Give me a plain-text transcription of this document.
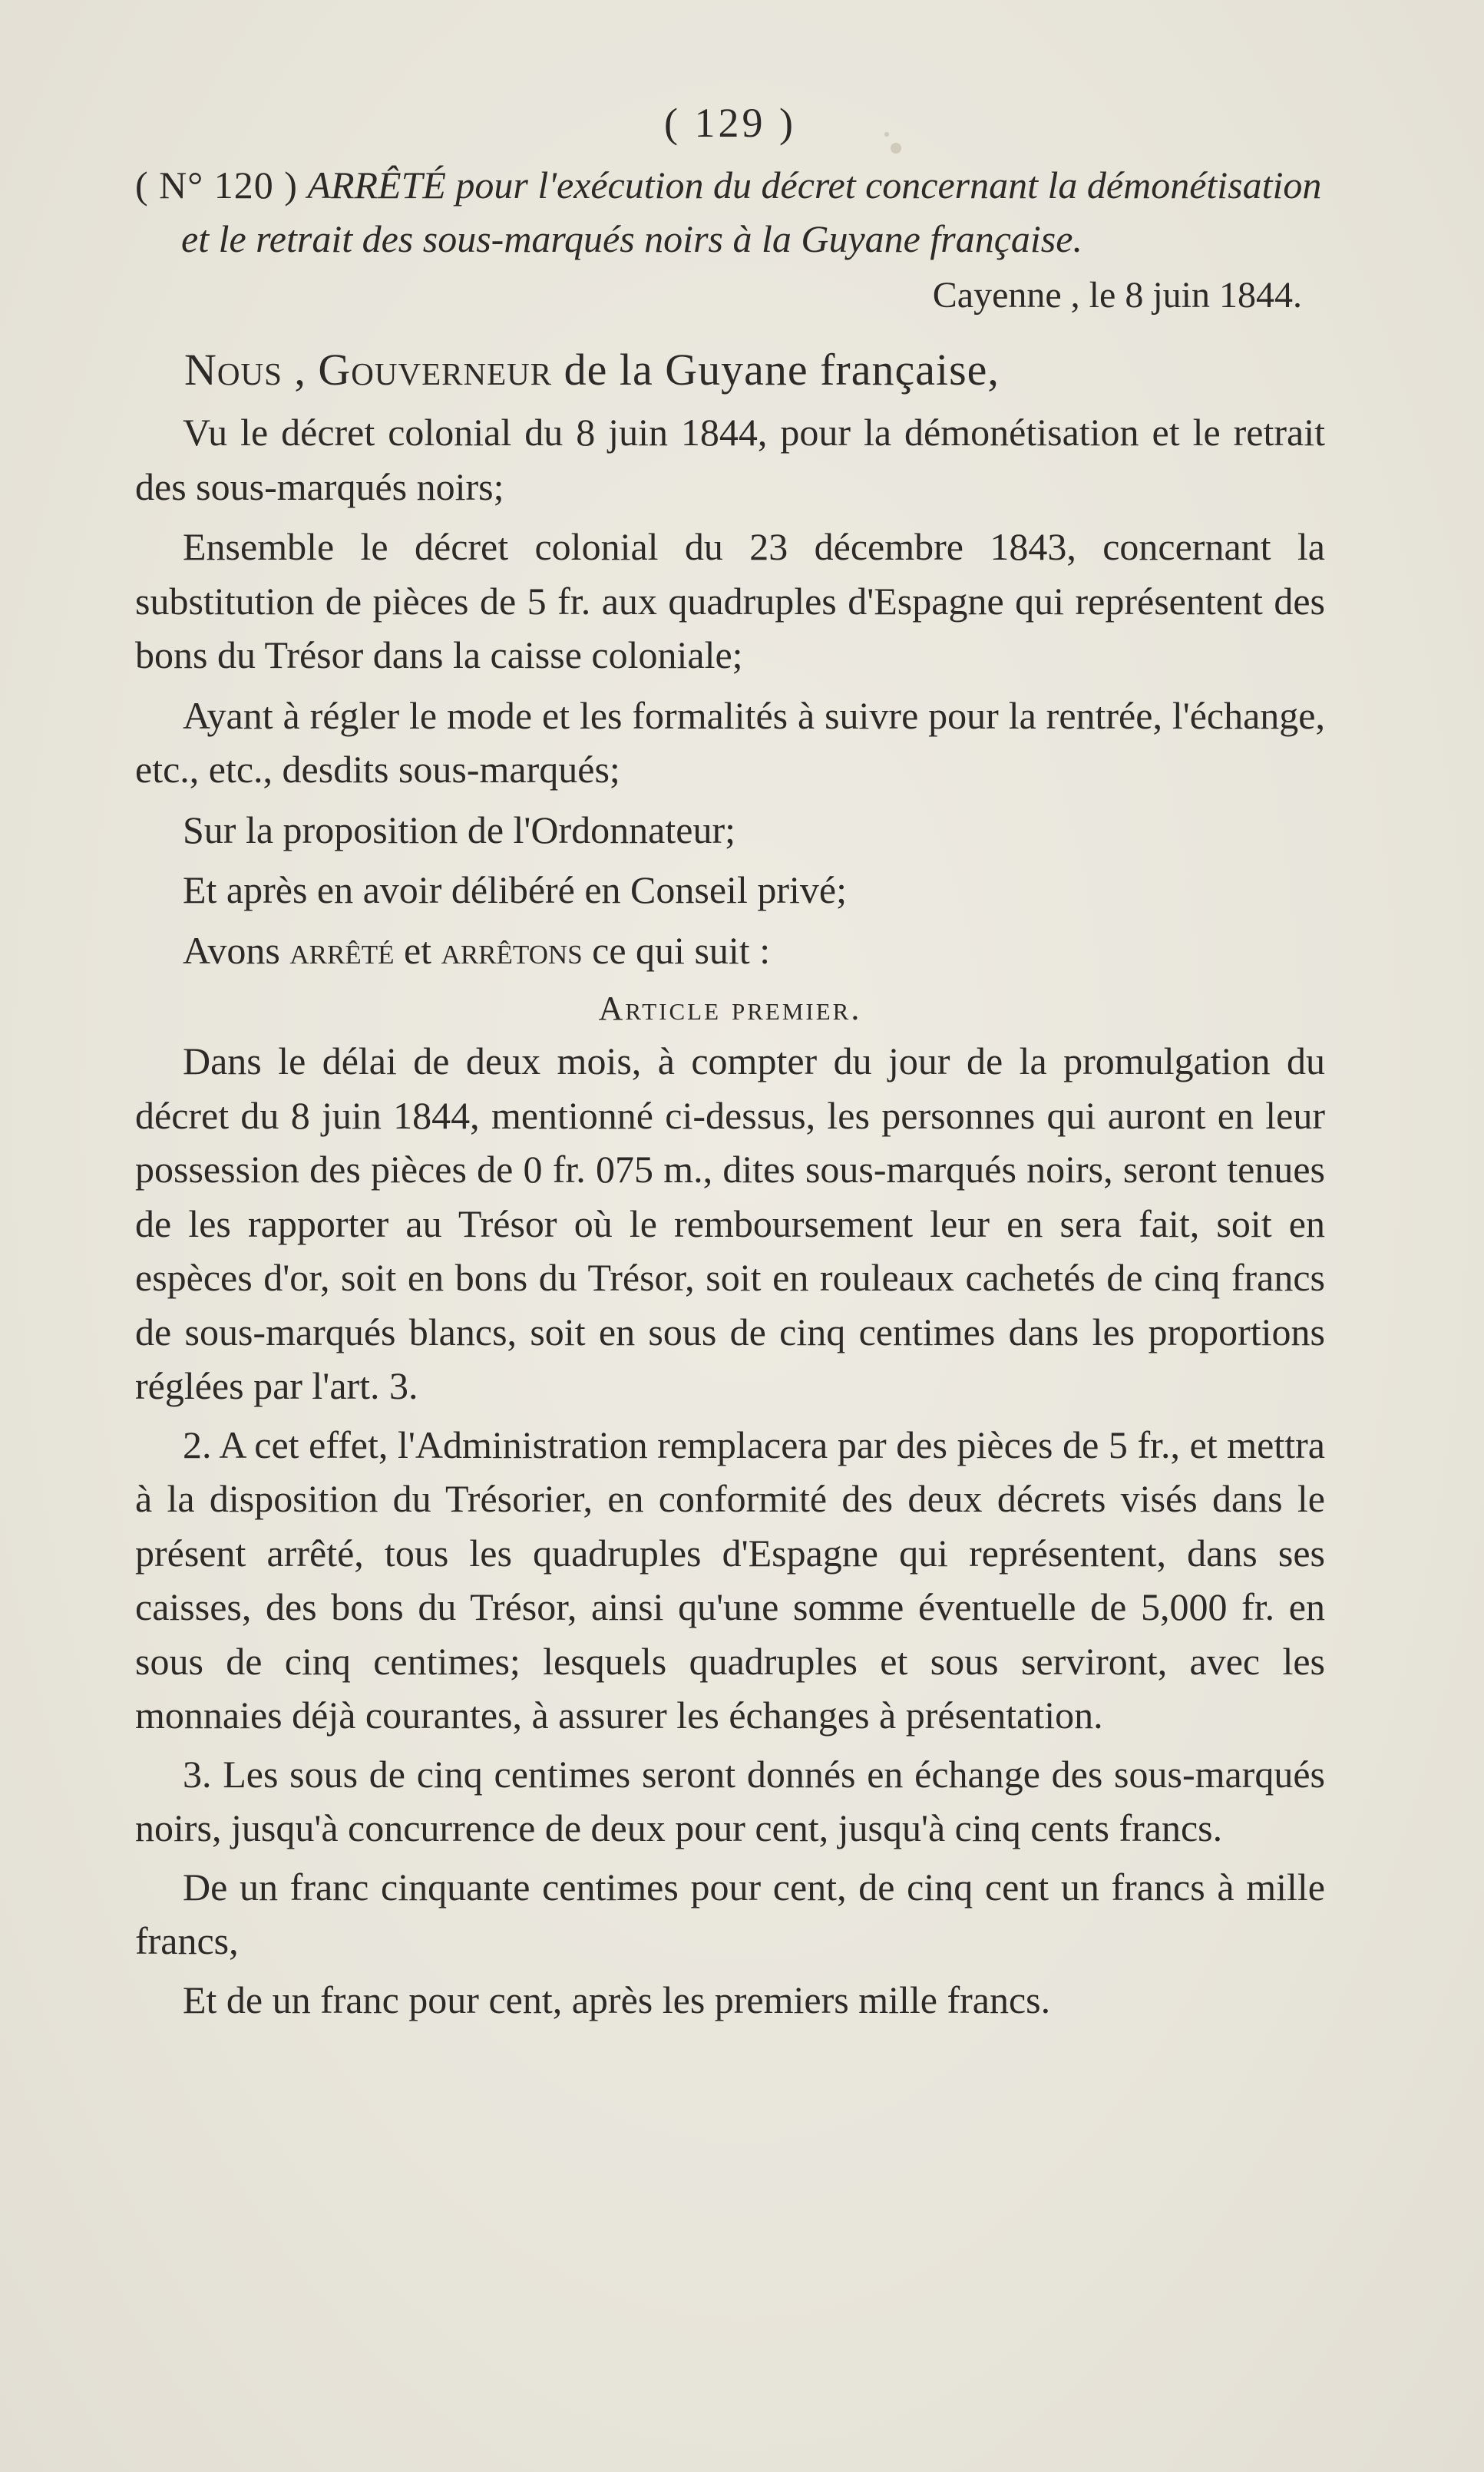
( 129 )
( N° 120 ) ARRÊTÉ pour l'exécution du décret concernant la démonétisation et le retrait des sous-marqués noirs à la Guyane française.
Cayenne , le 8 juin 1844.
Nous , Gouverneur de la Guyane française,

Vu le décret colonial du 8 juin 1844, pour la démonétisation et le retrait des sous-marqués noirs;

Ensemble le décret colonial du 23 décembre 1843, concernant la substitution de pièces de 5 fr. aux quadruples d'Espagne qui représentent des bons du Trésor dans la caisse coloniale;

Ayant à régler le mode et les formalités à suivre pour la rentrée, l'échange, etc., etc., desdits sous-marqués;

Sur la proposition de l'Ordonnateur;

Et après en avoir délibéré en Conseil privé;

Avons arrêté et arrêtons ce qui suit :

Article premier.

Dans le délai de deux mois, à compter du jour de la promulgation du décret du 8 juin 1844, mentionné ci-dessus, les personnes qui auront en leur possession des pièces de 0 fr. 075 m., dites sous-marqués noirs, seront tenues de les rapporter au Trésor où le remboursement leur en sera fait, soit en espèces d'or, soit en bons du Trésor, soit en rouleaux cachetés de cinq francs de sous-marqués blancs, soit en sous de cinq centimes dans les proportions réglées par l'art. 3.

2. A cet effet, l'Administration remplacera par des pièces de 5 fr., et mettra à la disposition du Trésorier, en conformité des deux décrets visés dans le présent arrêté, tous les quadruples d'Espagne qui représentent, dans ses caisses, des bons du Trésor, ainsi qu'une somme éventuelle de 5,000 fr. en sous de cinq centimes; lesquels quadruples et sous serviront, avec les monnaies déjà courantes, à assurer les échanges à présentation.

3. Les sous de cinq centimes seront donnés en échange des sous-marqués noirs, jusqu'à concurrence de deux pour cent, jusqu'à cinq cents francs.

De un franc cinquante centimes pour cent, de cinq cent un francs à mille francs,

Et de un franc pour cent, après les premiers mille francs.
